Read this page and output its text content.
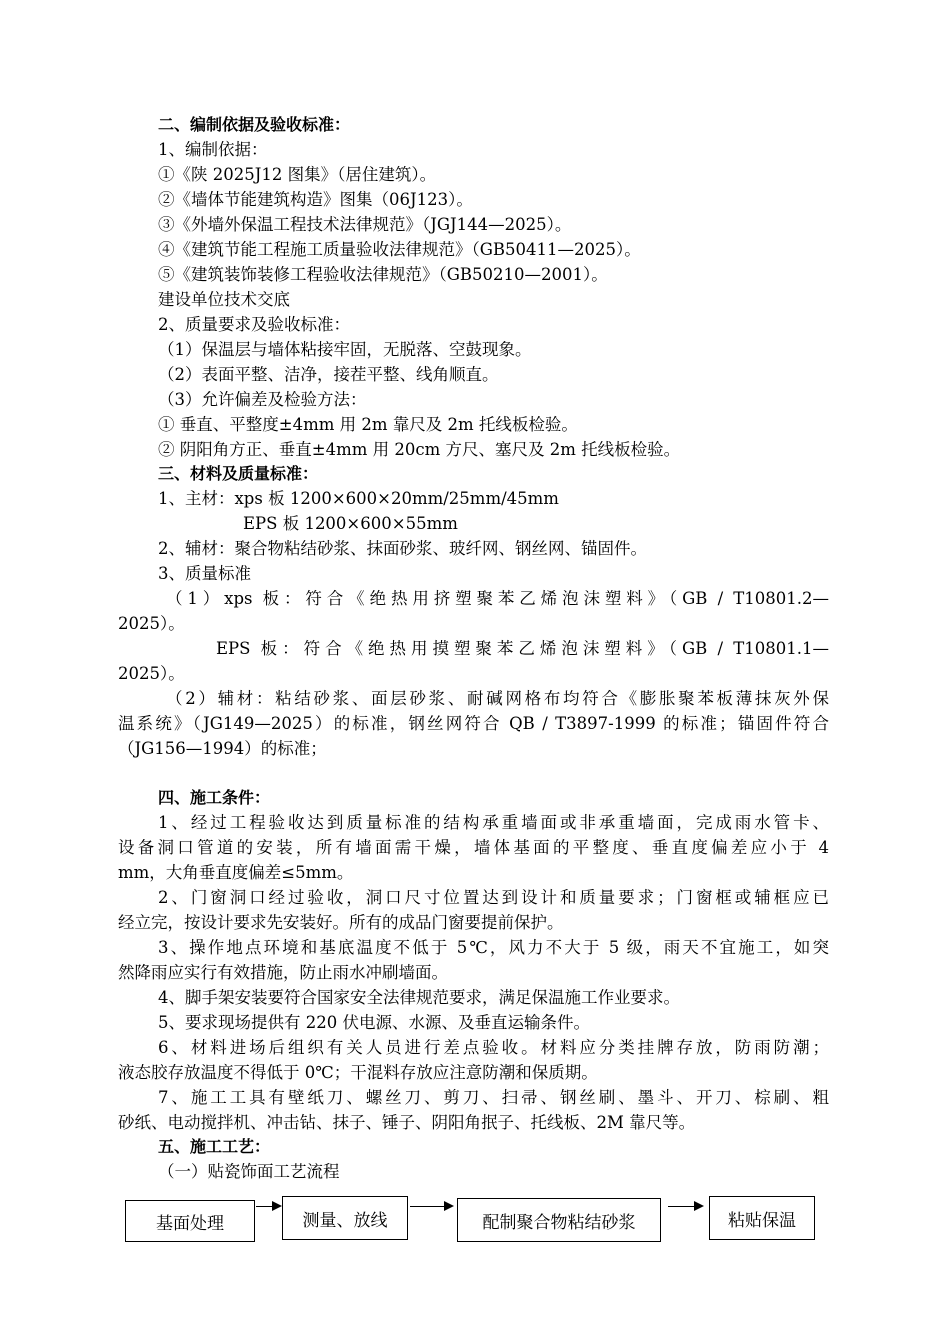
二、编制依据及验收标准：
1、编制依据：
①《陕 2025J12 图集》（居住建筑）。
②《墙体节能建筑构造》图集（06J123）。
③《外墙外保温工程技术法律规范》（JGJ144—2025）。
④《建筑节能工程施工质量验收法律规范》（GB50411—2025）。
⑤《建筑装饰装修工程验收法律规范》（GB50210—2001）。
建设单位技术交底
2、质量要求及验收标准：
（1）保温层与墙体粘接牢固，无脱落、空鼓现象。
（2）表面平整、洁净，接茬平整、线角顺直。
（3）允许偏差及检验方法：
① 垂直、平整度±4mm 用 2m 靠尺及 2m 托线板检验。
② 阴阳角方正、垂直±4mm 用 20cm 方尺、塞尺及 2m 托线板检验。
三、材料及质量标准：
1、主材：xps 板 1200×600×20mm/25mm/45mm
EPS 板 1200×600×55mm
2、辅材：聚合物粘结砂浆、抹面砂浆、玻纤网、钢丝网、锚固件。
3、质量标准
（1）xps 板：符合《绝热用挤塑聚苯乙烯泡沫塑料》（GB / T10801.2—
2025）。
EPS 板：符合《绝热用摸塑聚苯乙烯泡沫塑料》（GB / T10801.1—
2025）。
（2）辅材：粘结砂浆、面层砂浆、耐碱网格布均符合《膨胀聚苯板薄抹灰外保
温系统》（JG149—2025）的标准，钢丝网符合 QB / T3897-1999 的标准；锚固件符合
（JG156—1994）的标准；
四、施工条件：
1、经过工程验收达到质量标准的结构承重墙面或非承重墙面，完成雨水管卡、
设备洞口管道的安装，所有墙面需干燥，墙体基面的平整度、垂直度偏差应小于 4
mm，大角垂直度偏差≤5mm。
2、门窗洞口经过验收，洞口尺寸位置达到设计和质量要求；门窗框或辅框应已
经立完，按设计要求先安装好。所有的成品门窗要提前保护。
3、操作地点环境和基底温度不低于 5℃，风力不大于 5 级，雨天不宜施工，如突
然降雨应实行有效措施，防止雨水冲刷墙面。
4、脚手架安装要符合国家安全法律规范要求，满足保温施工作业要求。
5、要求现场提供有 220 伏电源、水源、及垂直运输条件。
6、材料进场后组织有关人员进行差点验收。材料应分类挂牌存放，防雨防潮；
液态胶存放温度不得低于 0℃；干混料存放应注意防潮和保质期。
7、施工工具有壁纸刀、螺丝刀、剪刀、扫帚、钢丝刷、墨斗、开刀、棕刷、粗
砂纸、电动搅拌机、冲击钻、抹子、锤子、阴阳角抿子、托线板、2M 靠尺等。
五、施工工艺：
（一）贴瓷饰面工艺流程
基面处理	测量、放线	配制聚合物粘结砂浆	粘贴保温
